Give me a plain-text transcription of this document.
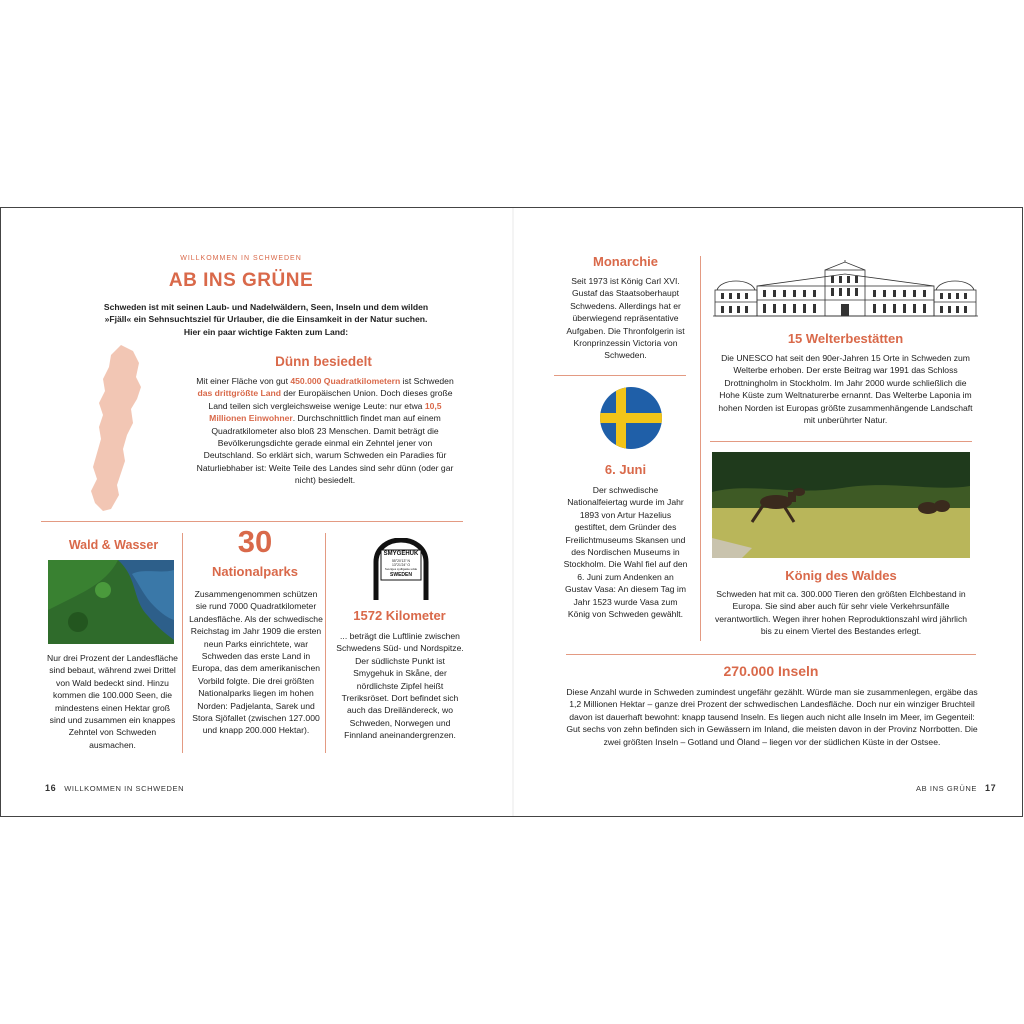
WILLKOMMEN IN SCHWEDEN
AB INS GRÜNE
Schweden ist mit seinen Laub- und Nadelwäldern, Seen, Inseln und dem wilden »Fjäll« ein Sehnsuchtsziel für Urlauber, die die Einsamkeit in der Natur suchen. Hier ein paar wichtige Fakten zum Land:
Dünn besiedelt
Mit einer Fläche von gut 450.000 Quadratkilometern ist Schweden das drittgrößte Land der Europäischen Union. Doch dieses große Land teilen sich vergleichsweise wenige Leute: nur etwa 10,5 Millionen Einwohner. Durchschnittlich findet man auf einem Quadratkilometer also bloß 23 Menschen. Damit beträgt die Bevölkerungsdichte gerade einmal ein Zehntel jener von Deutschland. So erklärt sich, warum Schweden ein Paradies für Naturliebhaber ist: Weite Teile des Landes sind sehr dünn (oder gar nicht) besiedelt.
Wald & Wasser
Nur drei Prozent der Landesfläche sind bebaut, während zwei Drittel von Wald bedeckt sind. Hinzu kommen die 100.000 Seen, die mindestens einen Hektar groß sind und zusammen ein knappes Zehntel von Schweden ausmachen.
30
Nationalparks
Zusammengenommen schützen sie rund 7000 Quadratkilometer Landesfläche. Als der schwedische Reichstag im Jahr 1909 die ersten neun Parks einrichtete, war Schweden das erste Land in Europa, das dem amerikanischen Vorbild folgte. Die drei größten Nationalparks liegen im hohen Norden: Padjelanta, Sarek und Stora Sjöfallet (zwischen 127.000 und knapp 200.000 Hektar).
SMYGEHUK
55°20'13" N
13°21'24" O
Sveriges sydligaste udde
SWEDEN
1572 Kilometer
... beträgt die Luftlinie zwischen Schwedens Süd- und Nordspitze. Der südlichste Punkt ist Smygehuk in Skåne, der nördlichste Zipfel heißt Treriksröset. Dort befindet sich auch das Dreiländereck, wo Schweden, Norwegen und Finnland aneinandergrenzen.
16 WILLKOMMEN IN SCHWEDEN
Monarchie
Seit 1973 ist König Carl XVI. Gustaf das Staatsoberhaupt Schwedens. Allerdings hat er überwiegend repräsentative Aufgaben. Die Thronfolgerin ist Kronprinzessin Victoria von Schweden.
6. Juni
Der schwedische Nationalfeiertag wurde im Jahr 1893 von Artur Hazelius gestiftet, dem Gründer des Freilichtmuseums Skansen und des Nordischen Museums in Stockholm. Die Wahl fiel auf den 6. Juni zum Andenken an Gustav Vasa: An diesem Tag im Jahr 1523 wurde Vasa zum König von Schweden gewählt.
15 Welterbestätten
Die UNESCO hat seit den 90er-Jahren 15 Orte in Schweden zum Welterbe erhoben. Der erste Beitrag war 1991 das Schloss Drottningholm in Stockholm. Im Jahr 2000 wurde schließlich die Hohe Küste zum Weltnaturerbe ernannt. Das Welterbe Laponia im hohen Norden ist Europas größte zusammenhängende Landschaft mit unberührter Natur.
König des Waldes
Schweden hat mit ca. 300.000 Tieren den größten Elchbestand in Europa. Sie sind aber auch für sehr viele Verkehrsunfälle verantwortlich. Wegen ihrer hohen Reproduktionszahl wird jährlich bis zu einem Viertel des Bestandes erlegt.
270.000 Inseln
Diese Anzahl wurde in Schweden zumindest ungefähr gezählt. Würde man sie zusammenlegen, ergäbe das 1,2 Millionen Hektar – ganze drei Prozent der schwedischen Landesfläche. Doch nur ein winziger Bruchteil davon ist dauerhaft bewohnt: knapp tausend Inseln. Es liegen auch nicht alle Inseln im Meer, im Gegenteil: Gut sechs von zehn befinden sich in Gewässern im Inland, die meisten davon in der Provinz Norrbotten. Die zwei größten Inseln – Gotland und Öland – liegen vor der südlichen Küste in der Ostsee.
AB INS GRÜNE 17
